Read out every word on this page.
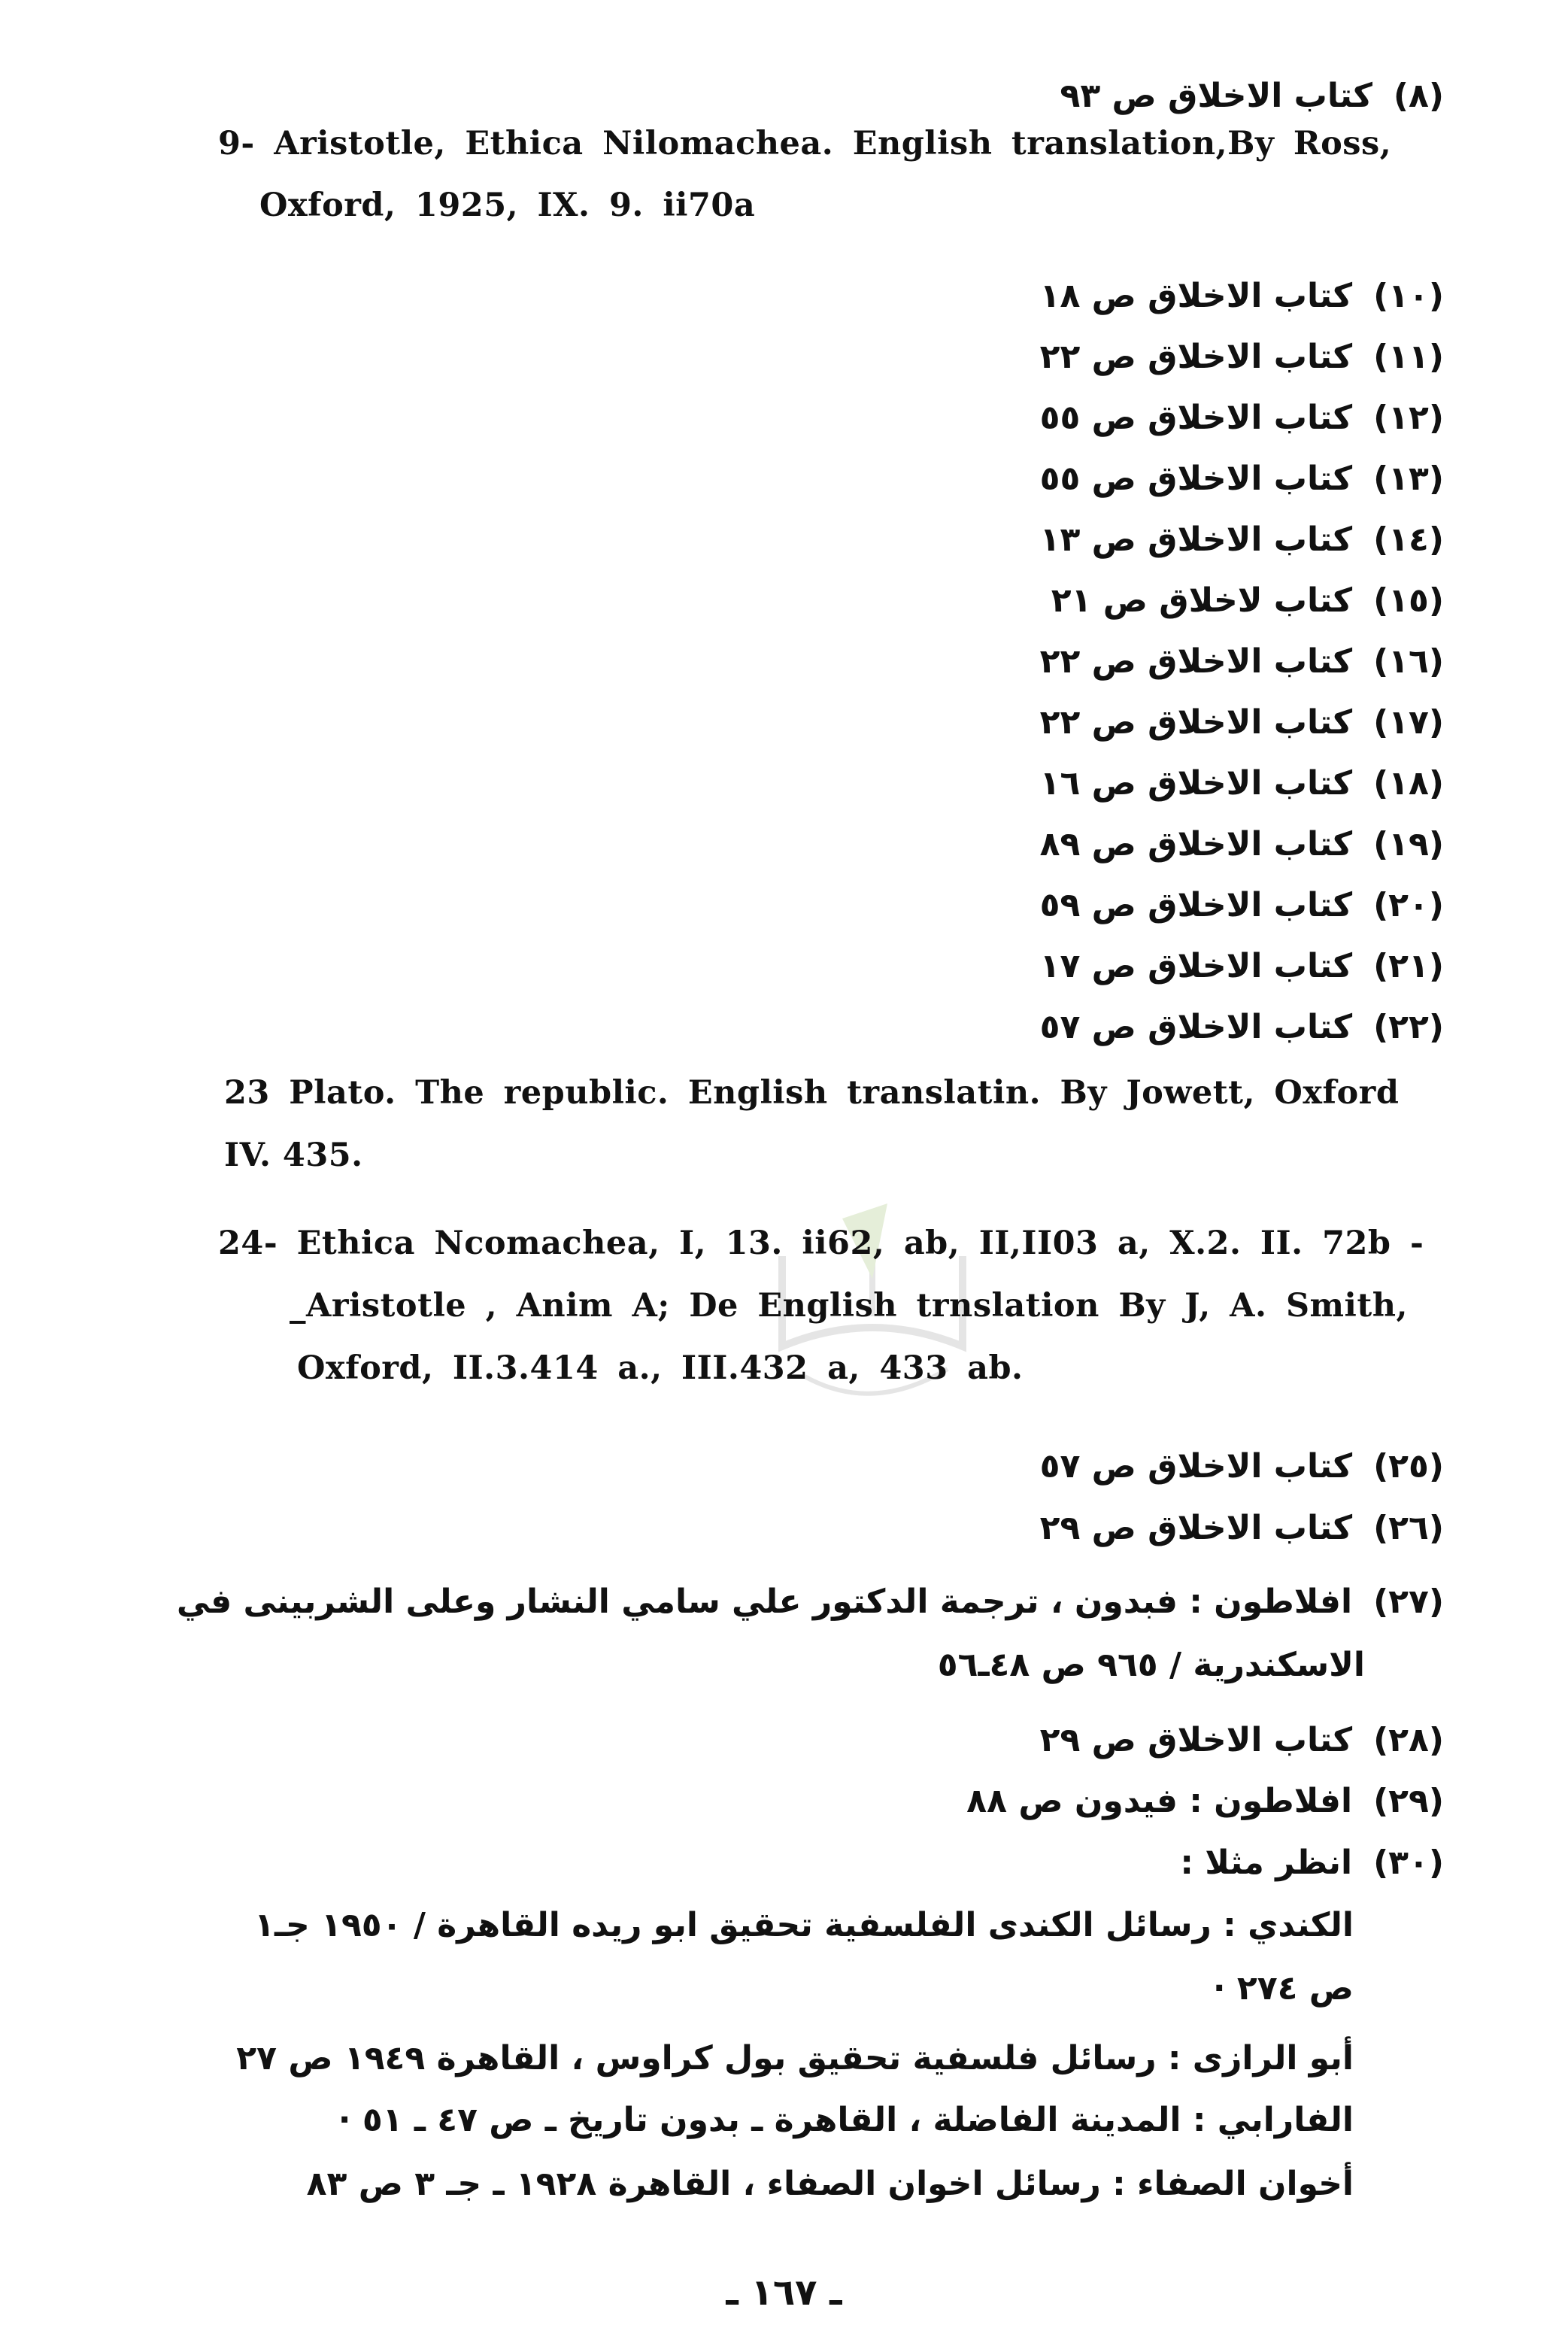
(٨)كتاب الاخلاق ص ٩٣
9- Aristotle, Ethica Nilomachea. English translation,By Ross,
Oxford, 1925, IX. 9. ii70a
(١٠)كتاب الاخلاق ص ١٨
(١١)كتاب الاخلاق ص ٢٢
(١٢)كتاب الاخلاق ص ٥٥
(١٣)كتاب الاخلاق ص ٥٥
(١٤)كتاب الاخلاق ص ١٣
(١٥)كتاب لاخلاق ص ٢١
(١٦)كتاب الاخلاق ص ٢٢
(١٧)كتاب الاخلاق ص ٢٢
(١٨)كتاب الاخلاق ص ١٦
(١٩)كتاب الاخلاق ص ٨٩
(٢٠)كتاب الاخلاق ص ٥٩
(٢١)كتاب الاخلاق ص ١٧
(٢٢)كتاب الاخلاق ص ٥٧
23 Plato. The republic. English translatin. By Jowett, Oxford
IV. 435.
24- Ethica Ncomachea, I, 13. ii62, ab, II,II03 a, X.2. II. 72b -
_Aristotle , Anim A; De English trnslation By J, A. Smith,
Oxford, II.3.414 a., III.432 a, 433 ab.
(٢٥)كتاب الاخلاق ص ٥٧
(٢٦)كتاب الاخلاق ص ٢٩
(٢٧)افلاطون : فبدون ، ترجمة الدكتور علي سامي النشار وعلى الشربينى في
الاسكندرية / ٩٦٥ ص ٤٨ـ٥٦
(٢٨)كتاب الاخلاق ص ٢٩
(٢٩)افلاطون : فيدون ص ٨٨
(٣٠)انظر مثلا :
الكندي : رسائل الكندى الفلسفية تحقيق ابو ريده القاهرة / ١٩٥٠ جـ١
ص ٢٧٤ ·
أبو الرازى : رسائل فلسفية تحقيق بول كراوس ، القاهرة ١٩٤٩ ص ٢٧
الفارابي : المدينة الفاضلة ، القاهرة ـ بدون تاريخ ـ ص ٤٧ ـ ٥١ ·
أخوان الصفاء : رسائل اخوان الصفاء ، القاهرة ١٩٢٨ ـ جـ ٣ ص ٨٣
ـ ١٦٧ ـ
